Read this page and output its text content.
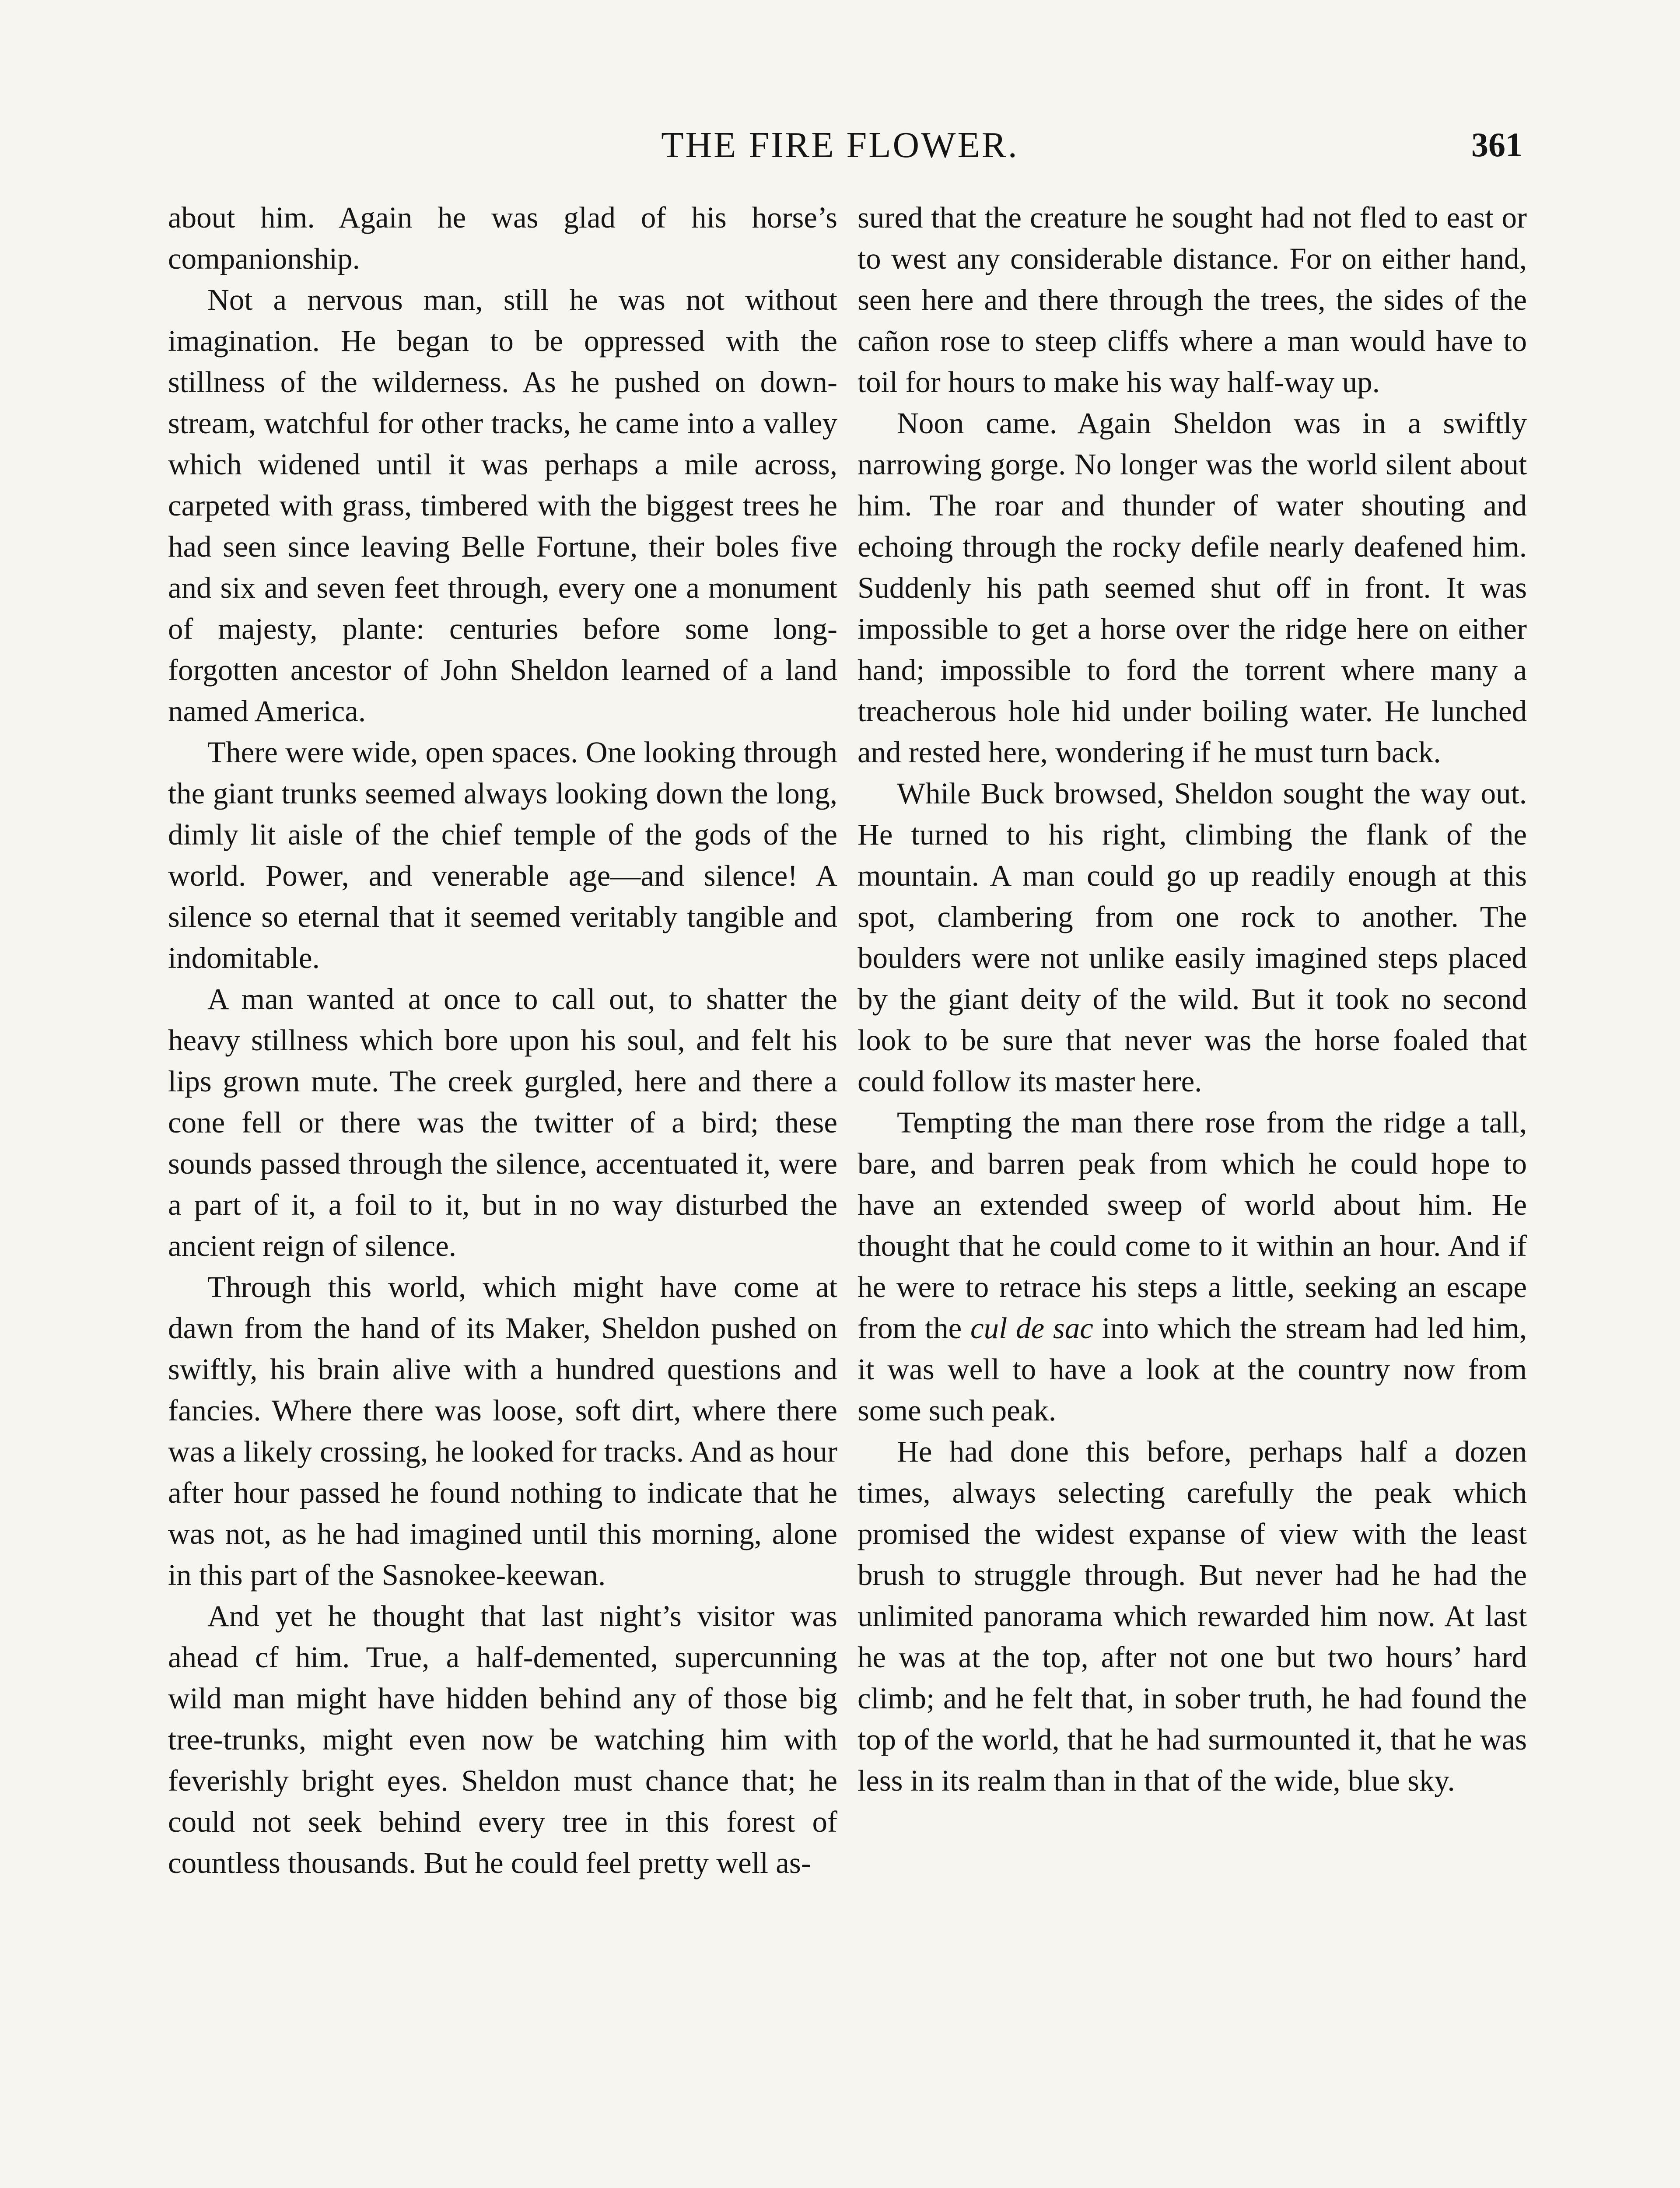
THE FIRE FLOWER.	361

about him. Again he was glad of his horse’s companionship.

Not a nervous man, still he was not without imagination. He began to be oppressed with the stillness of the wilderness. As he pushed on down-stream, watchful for other tracks, he came into a valley which widened until it was perhaps a mile across, carpeted with grass, timbered with the biggest trees he had seen since leaving Belle Fortune, their boles five and six and seven feet through, every one a monument of majesty, plante: centuries before some long-forgotten ancestor of John Sheldon learned of a land named America.

There were wide, open spaces. One looking through the giant trunks seemed always looking down the long, dimly lit aisle of the chief temple of the gods of the world. Power, and venerable age—and silence! A silence so eternal that it seemed veritably tangible and indomitable.

A man wanted at once to call out, to shatter the heavy stillness which bore upon his soul, and felt his lips grown mute. The creek gurgled, here and there a cone fell or there was the twitter of a bird; these sounds passed through the silence, accentuated it, were a part of it, a foil to it, but in no way disturbed the ancient reign of silence.

Through this world, which might have come at dawn from the hand of its Maker, Sheldon pushed on swiftly, his brain alive with a hundred questions and fancies. Where there was loose, soft dirt, where there was a likely crossing, he looked for tracks. And as hour after hour passed he found nothing to indicate that he was not, as he had imagined until this morning, alone in this part of the Sasnokee-keewan.

And yet he thought that last night’s visitor was ahead cf him. True, a half-demented, supercunning wild man might have hidden behind any of those big tree-trunks, might even now be watching him with feverishly bright eyes. Sheldon must chance that; he could not seek behind every tree in this forest of countless thousands. But he could feel pretty well as-

sured that the creature he sought had not fled to east or to west any considerable distance. For on either hand, seen here and there through the trees, the sides of the cañon rose to steep cliffs where a man would have to toil for hours to make his way half-way up.

Noon came. Again Sheldon was in a swiftly narrowing gorge. No longer was the world silent about him. The roar and thunder of water shouting and echoing through the rocky defile nearly deafened him. Suddenly his path seemed shut off in front. It was impossible to get a horse over the ridge here on either hand; impossible to ford the torrent where many a treacherous hole hid under boiling water. He lunched and rested here, wondering if he must turn back.

While Buck browsed, Sheldon sought the way out. He turned to his right, climbing the flank of the mountain. A man could go up readily enough at this spot, clambering from one rock to another. The boulders were not unlike easily imagined steps placed by the giant deity of the wild. But it took no second look to be sure that never was the horse foaled that could follow its master here.

Tempting the man there rose from the ridge a tall, bare, and barren peak from which he could hope to have an extended sweep of world about him. He thought that he could come to it within an hour. And if he were to retrace his steps a little, seeking an escape from the cul de sac into which the stream had led him, it was well to have a look at the country now from some such peak.

He had done this before, perhaps half a dozen times, always selecting carefully the peak which promised the widest expanse of view with the least brush to struggle through. But never had he had the unlimited panorama which rewarded him now. At last he was at the top, after not one but two hours’ hard climb; and he felt that, in sober truth, he had found the top of the world, that he had surmounted it, that he was less in its realm than in that of the wide, blue sky.
